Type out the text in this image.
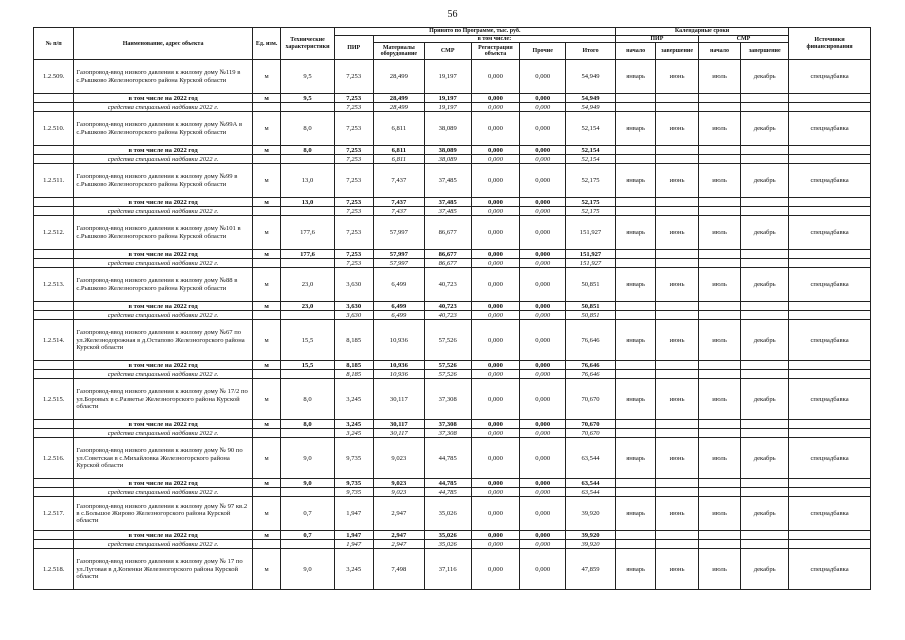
56
№ п/п	Наименование, адрес объекта	Ед. изм.	Технические характеристики	Принято по Программе, тыс. руб.						Календарные сроки				Источники финансирования
				ПИР	в том числе:					ПИР		СМР		
					Материалы оборудование	СМР	Регистрация объекта	Прочие	Итого	начало	завершение	начало	завершение	
1.2.509.	Газопровод-ввод низкого давления к жилому дому №119 в с.Рышково Железногорского района Курской области	м	9,5	7,253	28,499	19,197	0,000	0,000	54,949	январь	июнь	июль	декабрь	спецнадбавка
	в том числе на 2022 год	м	9,5	7,253	28,499	19,197	0,000	0,000	54,949					
	средства специальной надбавки 2022 г.			7,253	28,499	19,197	0,000	0,000	54,949					
1.2.510.	Газопровод-ввод низкого давления к жилому дому №99А в с.Рышково Железногорского района Курской области	м	8,0	7,253	6,811	38,089	0,000	0,000	52,154	январь	июнь	июль	декабрь	спецнадбавка
	в том числе на 2022 год	м	8,0	7,253	6,811	38,089	0,000	0,000	52,154					
	средства специальной надбавки 2022 г.			7,253	6,811	38,089	0,000	0,000	52,154					
1.2.511.	Газопровод-ввод низкого давления к жилому дому №99 в с.Рышково Железногорского района Курской области	м	13,0	7,253	7,437	37,485	0,000	0,000	52,175	январь	июнь	июль	декабрь	спецнадбавка
	в том числе на 2022 год	м	13,0	7,253	7,437	37,485	0,000	0,000	52,175					
	средства специальной надбавки 2022 г.			7,253	7,437	37,485	0,000	0,000	52,175					
1.2.512.	Газопровод-ввод низкого давления к жилому дому №101 в с.Рышково Железногорского района Курской области	м	177,6	7,253	57,997	86,677	0,000	0,000	151,927	январь	июнь	июль	декабрь	спецнадбавка
	в том числе на 2022 год	м	177,6	7,253	57,997	86,677	0,000	0,000	151,927					
	средства специальной надбавки 2022 г.			7,253	57,997	86,677	0,000	0,000	151,927					
1.2.513.	Газопровод-ввод низкого давления к жилому дому №88 в с.Рышково Железногорского района Курской области	м	23,0	3,630	6,499	40,723	0,000	0,000	50,851	январь	июнь	июль	декабрь	спецнадбавка
	в том числе на 2022 год	м	23,0	3,630	6,499	40,723	0,000	0,000	50,851					
	средства специальной надбавки 2022 г.			3,630	6,499	40,723	0,000	0,000	50,851					
1.2.514.	Газопровод-ввод низкого давления к жилому дому №67 по ул.Железнодорожная в д.Остапово Железногорского района Курской области	м	15,5	8,185	10,936	57,526	0,000	0,000	76,646	январь	июнь	июль	декабрь	спецнадбавка
	в том числе на 2022 год	м	15,5	8,185	10,936	57,526	0,000	0,000	76,646					
	средства специальной надбавки 2022 г.			8,185	10,936	57,526	0,000	0,000	76,646					
1.2.515.	Газопровод-ввод низкого давления к жилому дому № 17/2 по ул.Боровых в с.Разветье Железногорского района Курской области	м	8,0	3,245	30,117	37,308	0,000	0,000	70,670	январь	июнь	июль	декабрь	спецнадбавка
	в том числе на 2022 год	м	8,0	3,245	30,117	37,308	0,000	0,000	70,670					
	средства специальной надбавки 2022 г.			3,245	30,117	37,308	0,000	0,000	70,670					
1.2.516.	Газопровод-ввод низкого давления к жилому дому № 90 по ул.Советская в с.Михайловка Железногорского района Курской области	м	9,0	9,735	9,023	44,785	0,000	0,000	63,544	январь	июнь	июль	декабрь	спецнадбавка
	в том числе на 2022 год	м	9,0	9,735	9,023	44,785	0,000	0,000	63,544					
	средства специальной надбавки 2022 г.			9,735	9,023	44,785	0,000	0,000	63,544					
1.2.517.	Газопровод-ввод низкого давления к жилому дому № 97 кв.2 в с.Большое Жирово Железногорского района Курской области	м	0,7	1,947	2,947	35,026	0,000	0,000	39,920	январь	июнь	июль	декабрь	спецнадбавка
	в том числе на 2022 год	м	0,7	1,947	2,947	35,026	0,000	0,000	39,920					
	средства специальной надбавки 2022 г.			1,947	2,947	35,026	0,000	0,000	39,920					
1.2.518.	Газопровод-ввод низкого давления к жилому дому № 17 по ул.Луговая в д.Копенки Железногорского района Курской области	м	9,0	3,245	7,498	37,116	0,000	0,000	47,859	январь	июнь	июль	декабрь	спецнадбавка
